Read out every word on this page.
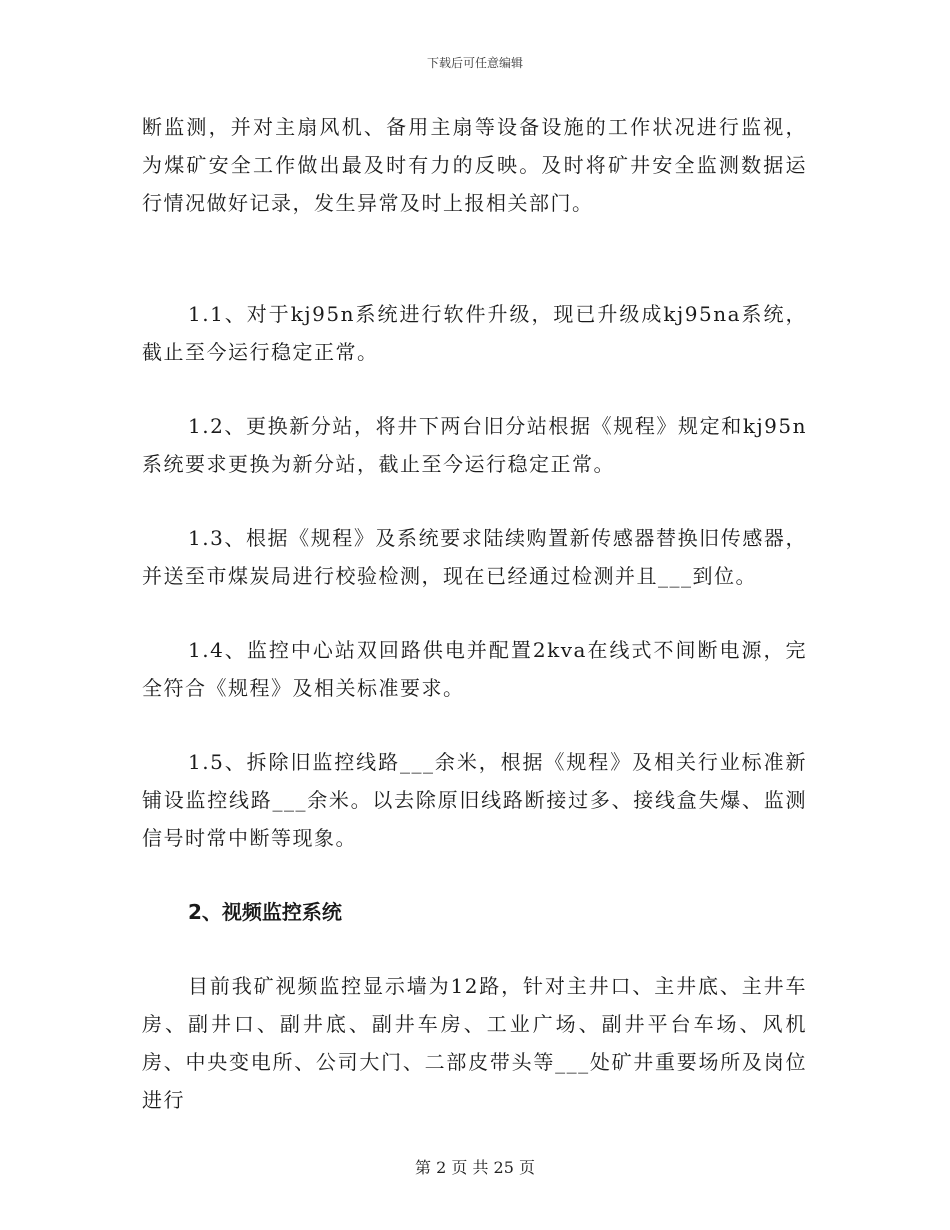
下载后可任意编辑

断监测，并对主扇风机、备用主扇等设备设施的工作状况进行监视，为煤矿安全工作做出最及时有力的反映。及时将矿井安全监测数据运行情况做好记录，发生异常及时上报相关部门。

1.1、对于kj95n系统进行软件升级，现已升级成kj95na系统，截止至今运行稳定正常。

1.2、更换新分站，将井下两台旧分站根据《规程》规定和kj95n系统要求更换为新分站，截止至今运行稳定正常。

1.3、根据《规程》及系统要求陆续购置新传感器替换旧传感器，并送至市煤炭局进行校验检测，现在已经通过检测并且___到位。

1.4、监控中心站双回路供电并配置2kva在线式不间断电源，完全符合《规程》及相关标准要求。

1.5、拆除旧监控线路___余米，根据《规程》及相关行业标准新铺设监控线路___余米。以去除原旧线路断接过多、接线盒失爆、监测信号时常中断等现象。

2、视频监控系统

目前我矿视频监控显示墙为12路，针对主井口、主井底、主井车房、副井口、副井底、副井车房、工业广场、副井平台车场、风机房、中央变电所、公司大门、二部皮带头等___处矿井重要场所及岗位进行

第 2 页 共 25 页
